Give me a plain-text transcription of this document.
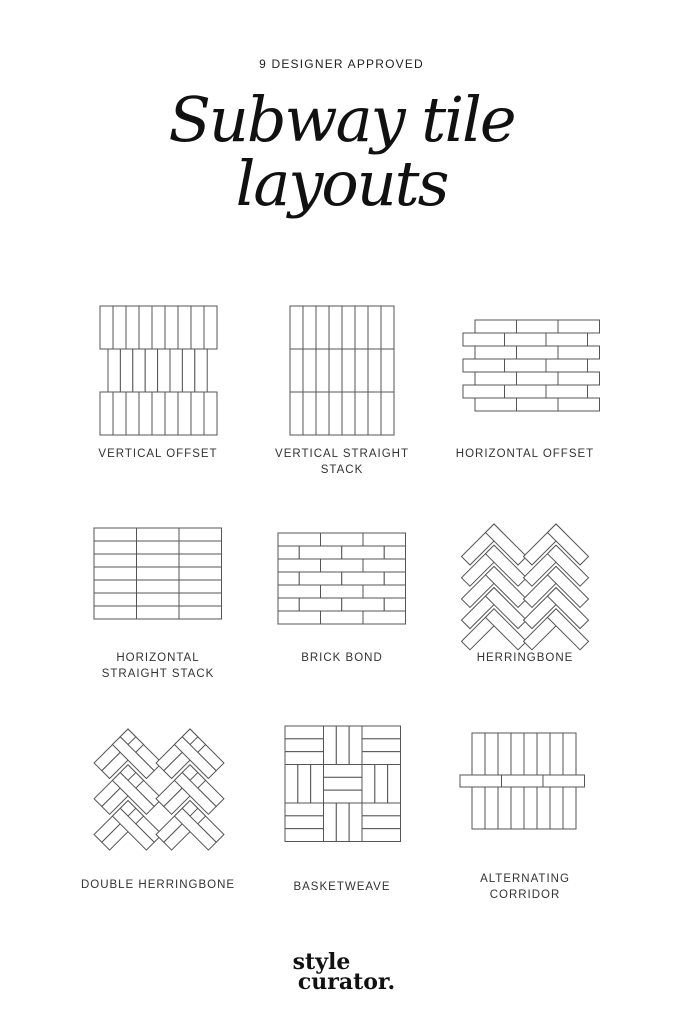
9 DESIGNER APPROVED
Subway tile
layouts
VERTICAL OFFSET	VERTICAL STRAIGHT
STACK
HORIZONTAL OFFSET
HORIZONTAL
STRAIGHT STACK
BRICK BOND	HERRINGBONE
DOUBLE HERRINGBONE	BASKETWEAVE
ALTERNATING
CORRIDOR
style
curator.
